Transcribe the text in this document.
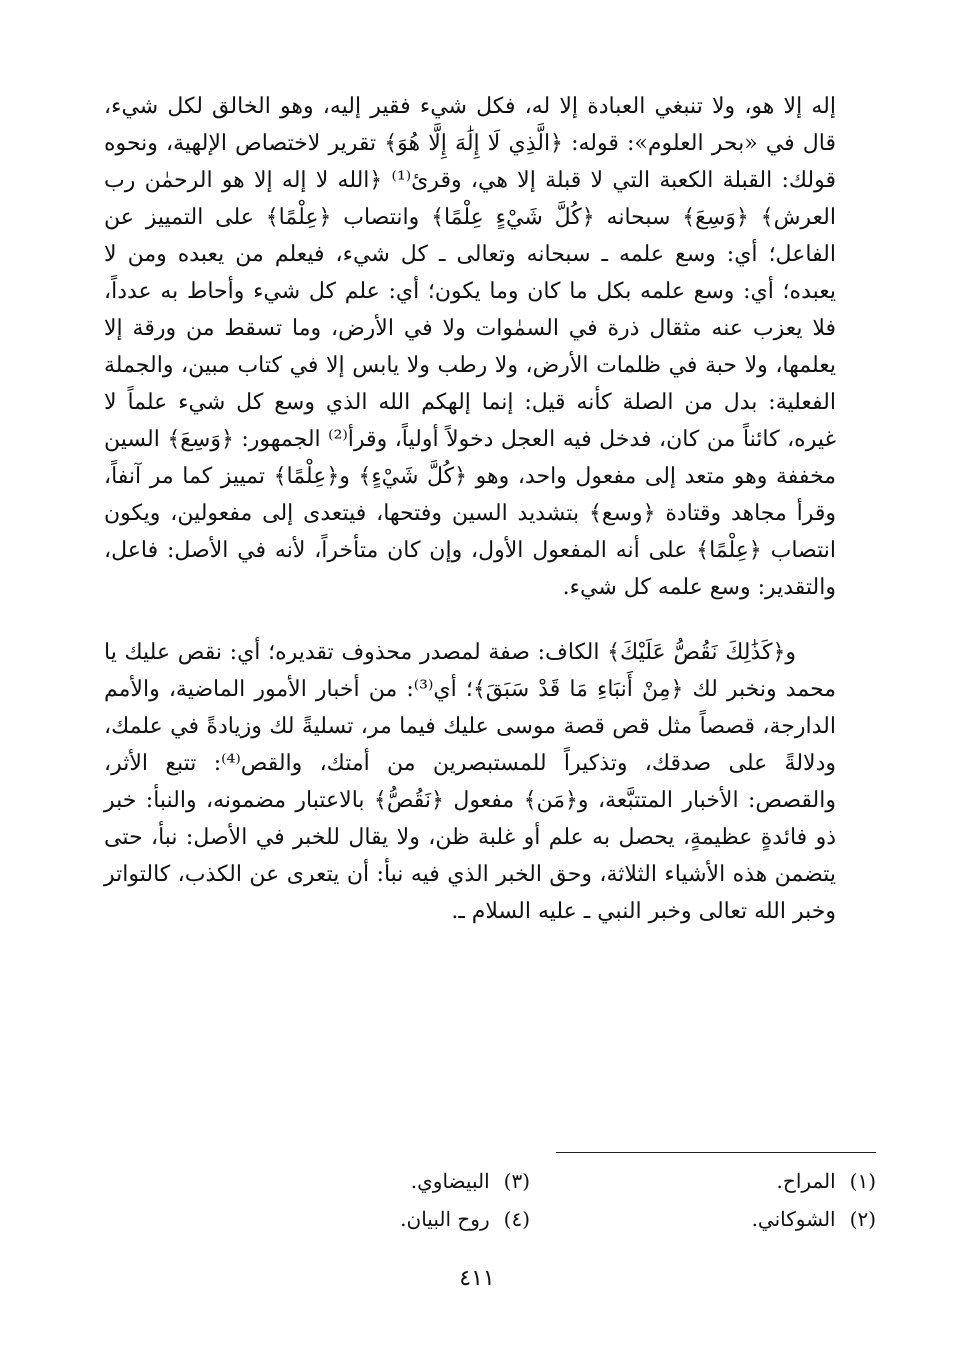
إله إلا هو، ولا تنبغي العبادة إلا له، فكل شيء فقير إليه، وهو الخالق لكل شيء، قال في «بحر العلوم»: قوله: ﴿الَّذِي لَا إِلَٰهَ إِلَّا هُوَ﴾ تقرير لاختصاص الإلهية، ونحوه قولك: القبلة الكعبة التي لا قبلة إلا هي، وقرئ⁽¹⁾ ﴿الله لا إله إلا هو الرحمٰن رب العرش﴾ ﴿وَسِعَ﴾ سبحانه ﴿كُلَّ شَيْءٍ عِلْمًا﴾ وانتصاب ﴿عِلْمًا﴾ على التمييز عن الفاعل؛ أي: وسع علمه ـ سبحانه وتعالى ـ كل شيء، فيعلم من يعبده ومن لا يعبده؛ أي: وسع علمه بكل ما كان وما يكون؛ أي: علم كل شيء وأحاط به عدداً، فلا يعزب عنه مثقال ذرة في السمٰوات ولا في الأرض، وما تسقط من ورقة إلا يعلمها، ولا حبة في ظلمات الأرض، ولا رطب ولا يابس إلا في كتاب مبين، والجملة الفعلية: بدل من الصلة كأنه قيل: إنما إلهكم الله الذي وسع كل شيء علماً لا غيره، كائناً من كان، فدخل فيه العجل دخولاً أولياً، وقرأ⁽²⁾ الجمهور: ﴿وَسِعَ﴾ السين مخففة وهو متعد إلى مفعول واحد، وهو ﴿كُلَّ شَيْءٍ﴾ و﴿عِلْمًا﴾ تمييز كما مر آنفاً، وقرأ مجاهد وقتادة ﴿وسع﴾ بتشديد السين وفتحها، فيتعدى إلى مفعولين، ويكون انتصاب ﴿عِلْمًا﴾ على أنه المفعول الأول، وإن كان متأخراً، لأنه في الأصل: فاعل، والتقدير: وسع علمه كل شيء.

و﴿كَذَٰلِكَ نَقُصُّ عَلَيْكَ﴾ الكاف: صفة لمصدر محذوف تقديره؛ أي: نقص عليك يا محمد ونخبر لك ﴿مِنْ أَنبَاءِ مَا قَدْ سَبَقَ﴾؛ أي⁽³⁾: من أخبار الأمور الماضية، والأمم الدارجة، قصصاً مثل قص قصة موسى عليك فيما مر، تسليةً لك وزيادةً في علمك، ودلالةً على صدقك، وتذكيراً للمستبصرين من أمتك، والقص⁽⁴⁾: تتبع الأثر، والقصص: الأخبار المتتبَّعة، و﴿مَن﴾ مفعول ﴿نَقُصُّ﴾ بالاعتبار مضمونه، والنبأ: خبر ذو فائدةٍ عظيمةٍ، يحصل به علم أو غلبة ظن، ولا يقال للخبر في الأصل: نبأ، حتى يتضمن هذه الأشياء الثلاثة، وحق الخبر الذي فيه نبأ: أن يتعرى عن الكذب، كالتواتر وخبر الله تعالى وخبر النبي ـ عليه السلام ـ.

(١)
المراح.
(٣)
البيضاوي.
(٢)
الشوكاني.
(٤)
روح البيان.
٤١١
